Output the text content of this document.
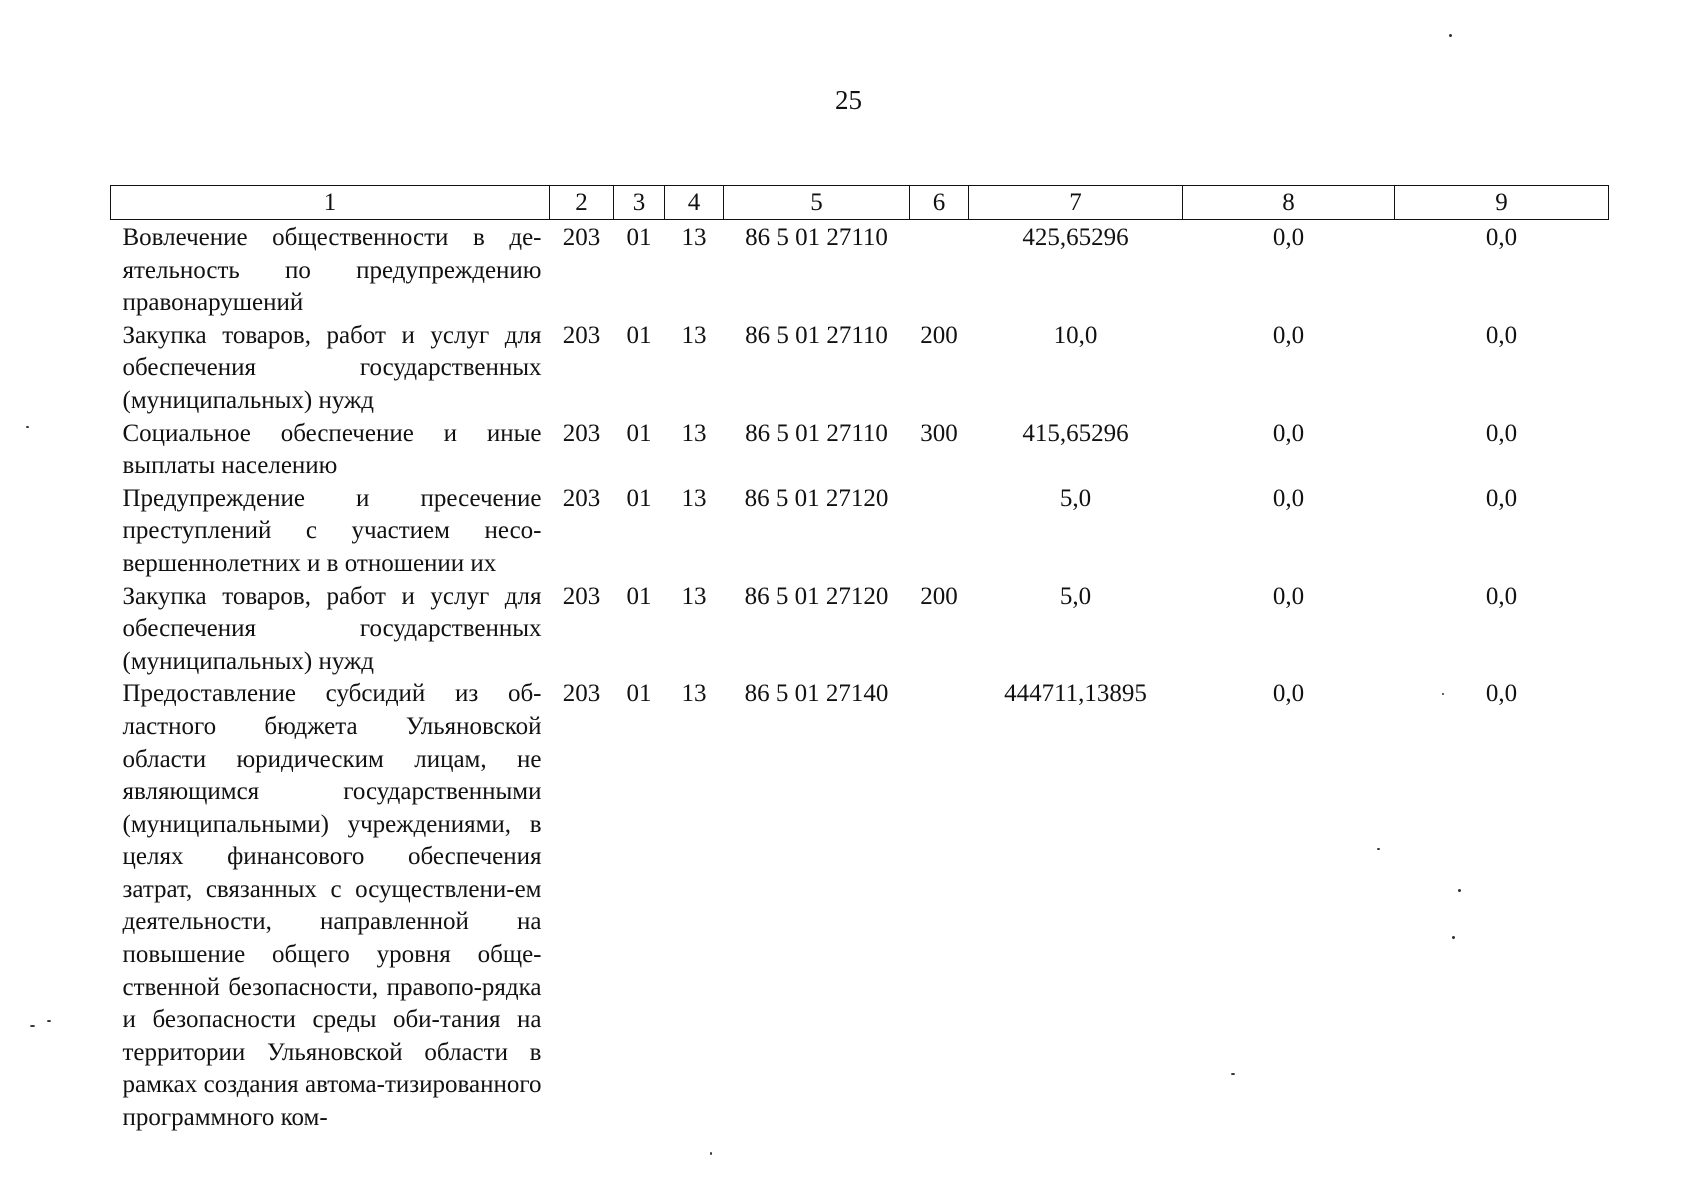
25
1	2	3	4	5	6	7	8	9
Вовлечение общественности в де-ятельность по предупреждению правонарушений	203	01	13	86 5 01 27110		425,65296	0,0	0,0
Закупка товаров, работ и услуг для обеспечения государственных (муниципальных) нужд	203	01	13	86 5 01 27110	200	10,0	0,0	0,0
Социальное обеспечение и иные выплаты населению	203	01	13	86 5 01 27110	300	415,65296	0,0	0,0
Предупреждение и пресечение преступлений с участием несо-вершеннолетних и в отношении их	203	01	13	86 5 01 27120		5,0	0,0	0,0
Закупка товаров, работ и услуг для обеспечения государственных (муниципальных) нужд	203	01	13	86 5 01 27120	200	5,0	0,0	0,0
Предоставление субсидий из об-ластного бюджета Ульяновской области юридическим лицам, не являющимся государственными (муниципальными) учреждениями, в целях финансового обеспечения затрат, связанных с осуществлени-ем деятельности, направленной на повышение общего уровня обще-ственной безопасности, правопо-рядка и безопасности среды оби-тания на территории Ульяновской области в рамках создания автома-тизированного программного ком-	203	01	13	86 5 01 27140		444711,13895	0,0	0,0
